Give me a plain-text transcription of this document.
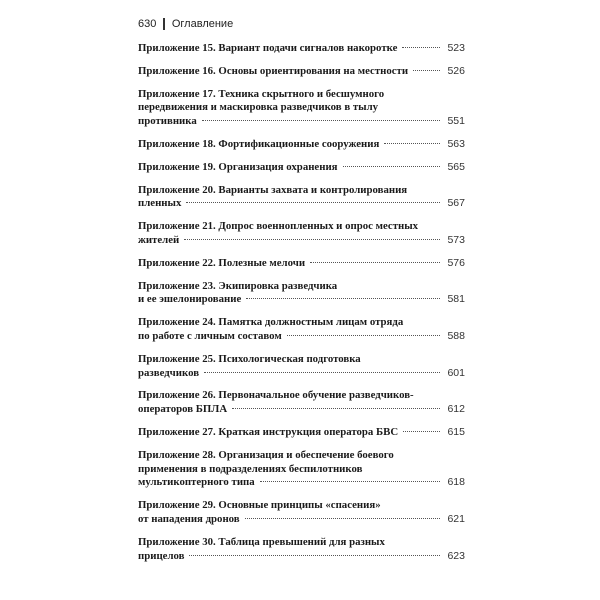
630 Оглавление
Приложение 15. Вариант подачи сигналов накоротке	523
Приложение 16. Основы ориентирования на местности	526
Приложение 17. Техника скрытного и бесшумного
передвижения и маскировка разведчиков в тылу
противника	551
Приложение 18. Фортификационные сооружения	563
Приложение 19. Организация охранения	565
Приложение 20. Варианты захвата и контролирования
пленных	567
Приложение 21. Допрос военнопленных и опрос местных
жителей	573
Приложение 22. Полезные мелочи	576
Приложение 23. Экипировка разведчика
и ее эшелонирование	581
Приложение 24. Памятка должностным лицам отряда
по работе с личным составом	588
Приложение 25. Психологическая подготовка
разведчиков	601
Приложение 26. Первоначальное обучение разведчиков-
операторов БПЛА	612
Приложение 27. Краткая инструкция оператора БВС	615
Приложение 28. Организация и обеспечение боевого
применения в подразделениях беспилотников
мультикоптерного типа	618
Приложение 29. Основные принципы «спасения»
от нападения дронов	621
Приложение 30. Таблица превышений для разных
прицелов	623
